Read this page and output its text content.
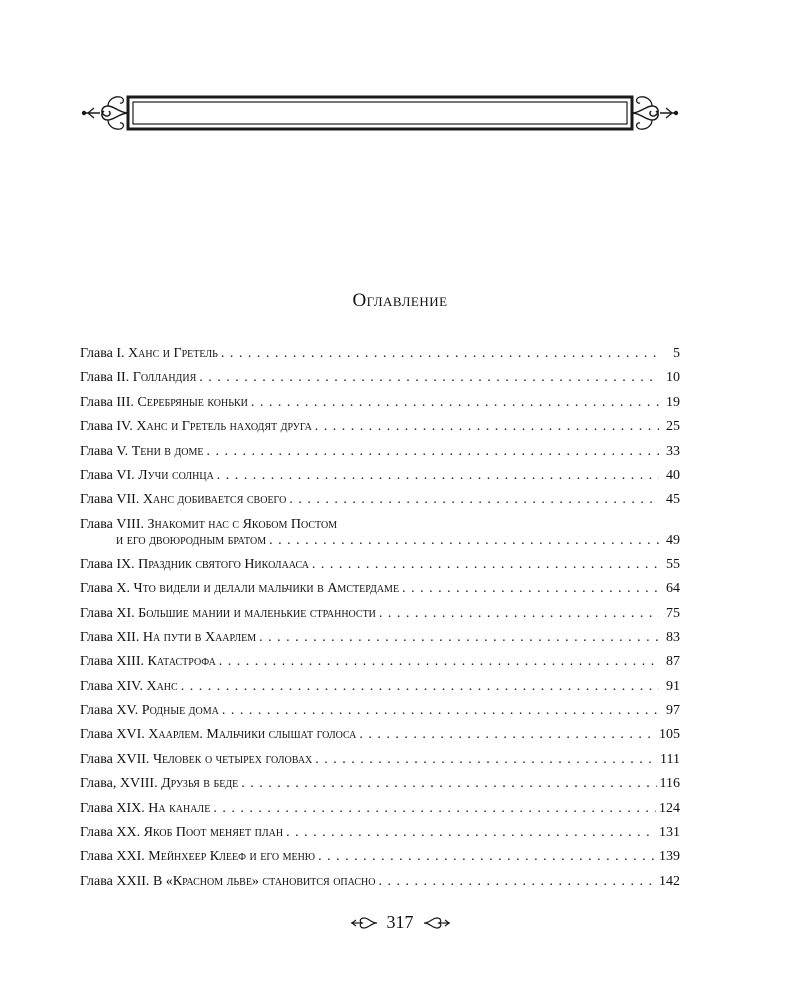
Оглавление
Глава I. Ханс и Гретель . . .	5
Глава II. Голландия . . .	10
Глава III. Серебряные коньки . . .	19
Глава IV. Ханс и Гретель находят друга . . .	25
Глава V. Тени в доме . . .	33
Глава VI. Лучи солнца . . .	40
Глава VII. Ханс добивается своего . . .	45
Глава VIII. Знакомит нас с Якобом Постом
и его двоюродным братом . . .	49
Глава IX. Праздник святого Николааса . . .	55
Глава X. Что видели и делали мальчики в Амстердаме . . .	64
Глава XI. Большие мании и маленькие странности . . .	75
Глава XII. На пути в Хаарлем . . .	83
Глава XIII. Катастрофа . . .	87
Глава XIV. Ханс . . .	91
Глава XV. Родные дома . . .	97
Глава XVI. Хаарлем. Мальчики слышат голоса . . .	105
Глава XVII. Человек о четырех головах . . .	111
Глава, XVIII. Друзья в беде . . .	116
Глава XIX. На канале . . .	124
Глава XX. Якоб Поот меняет план . . .	131
Глава XXI. Мейнхеер Клееф и его меню . . .	139
Глава XXII. В «Красном льве» становится опасно . . .	142
317
